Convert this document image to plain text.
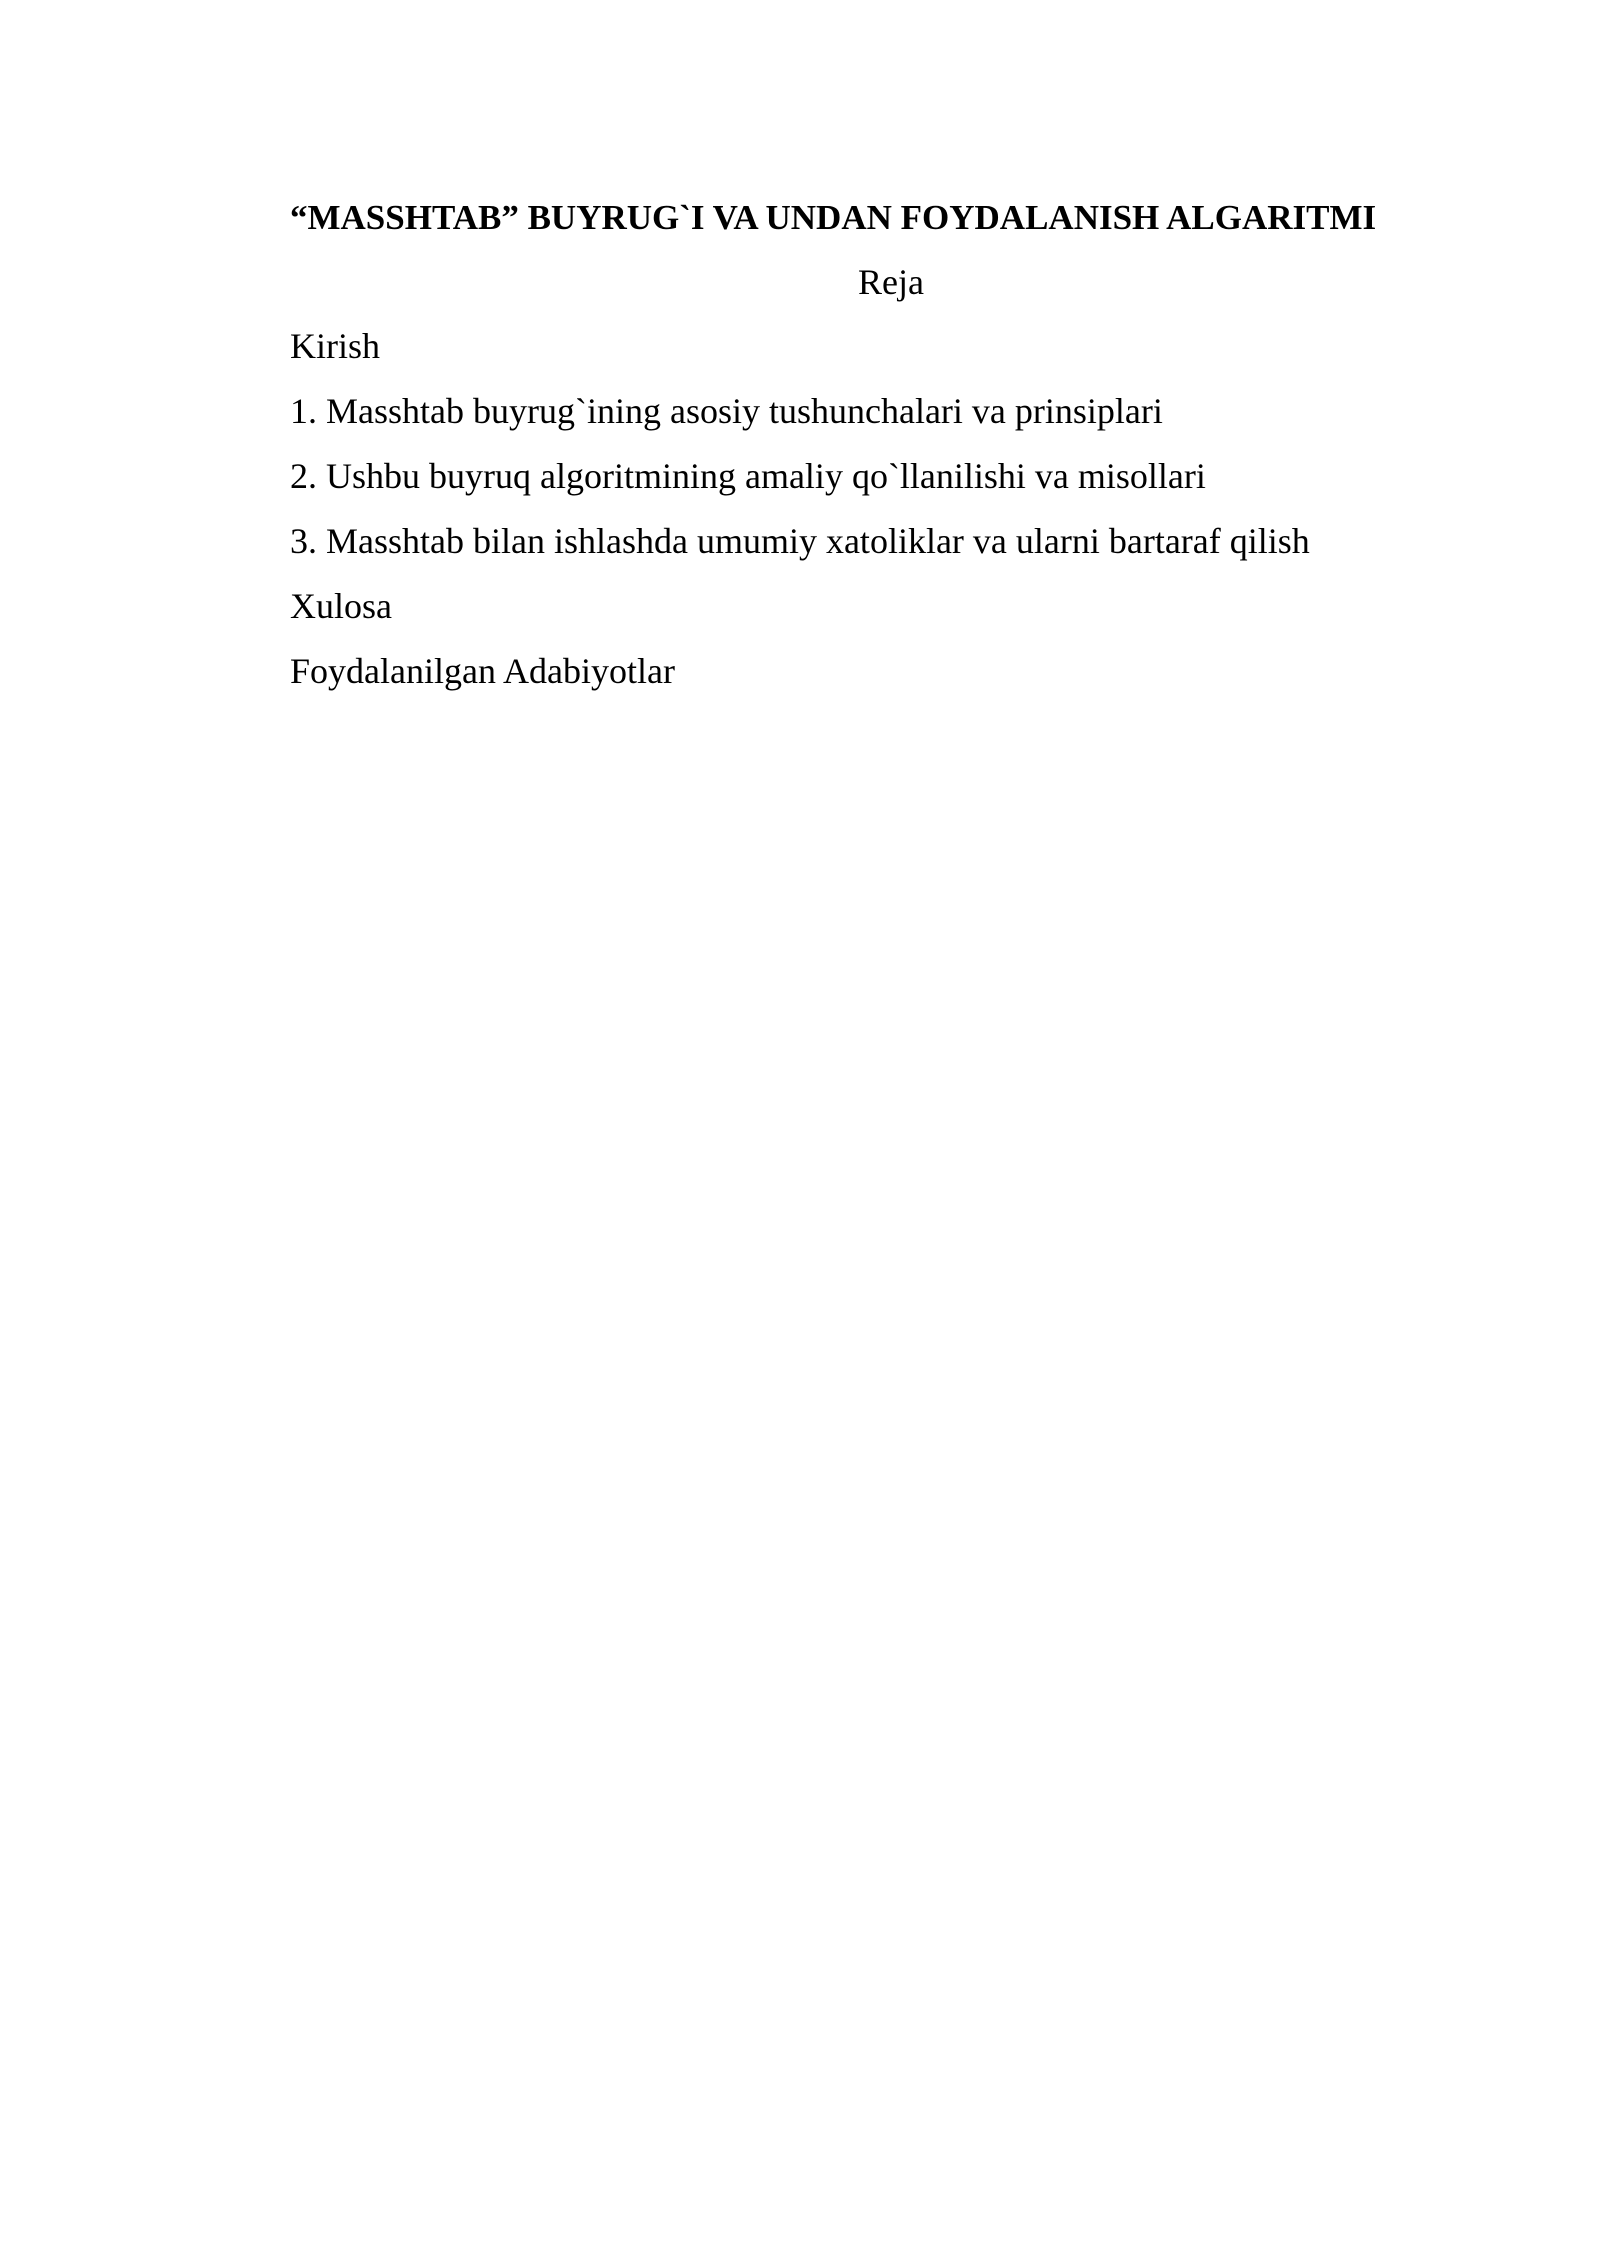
“MASSHTAB” BUYRUG`I VA UNDAN FOYDALANISH ALGARITMI
Reja
Kirish
1. Masshtab buyrug`ining asosiy tushunchalari va prinsiplari
2. Ushbu buyruq algoritmining amaliy qo`llanilishi va misollari
3. Masshtab bilan ishlashda umumiy xatoliklar va ularni bartaraf qilish
Xulosa
Foydalanilgan Adabiyotlar
